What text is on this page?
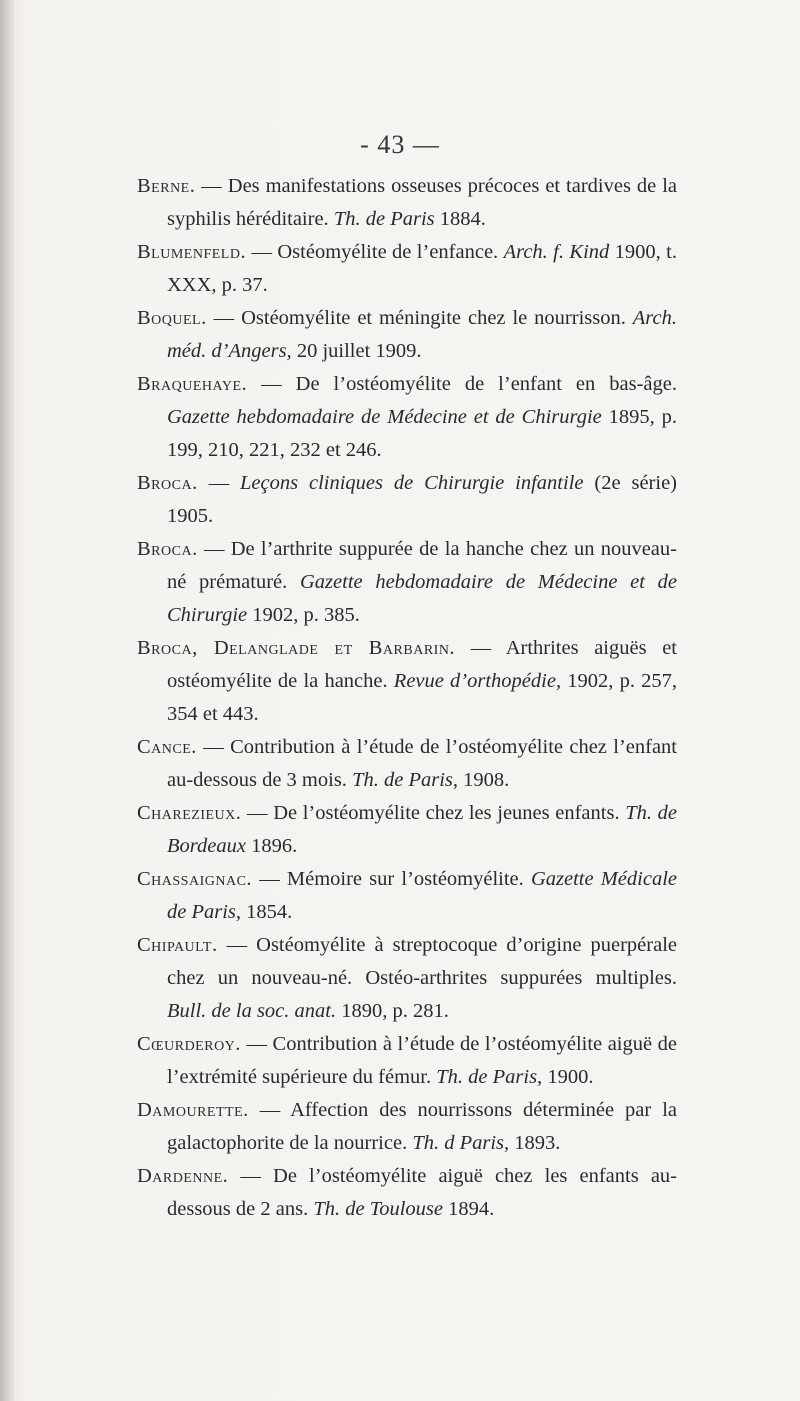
- 43 —

Berne. — Des manifestations osseuses précoces et tardives de la syphilis héréditaire. Th. de Paris 1884.

Blumenfeld. — Ostéomyélite de l’enfance. Arch. f. Kind 1900, t. XXX, p. 37.

Boquel. — Ostéomyélite et méningite chez le nourrisson. Arch. méd. d’Angers, 20 juillet 1909.

Braquehaye. — De l’ostéomyélite de l’enfant en bas-âge. Gazette hebdomadaire de Médecine et de Chirurgie 1895, p. 199, 210, 221, 232 et 246.

Broca. — Leçons cliniques de Chirurgie infantile (2e série) 1905.

Broca. — De l’arthrite suppurée de la hanche chez un nouveau-né prématuré. Gazette hebdomadaire de Médecine et de Chirurgie 1902, p. 385.

Broca, Delanglade et Barbarin. — Arthrites aiguës et ostéomyélite de la hanche. Revue d’orthopédie, 1902, p. 257, 354 et 443.

Cance. — Contribution à l’étude de l’ostéomyélite chez l’enfant au-dessous de 3 mois. Th. de Paris, 1908.

Charezieux. — De l’ostéomyélite chez les jeunes enfants. Th. de Bordeaux 1896.

Chassaignac. — Mémoire sur l’ostéomyélite. Gazette Médicale de Paris, 1854.

Chipault. — Ostéomyélite à streptocoque d’origine puerpérale chez un nouveau-né. Ostéo-arthrites suppurées multiples. Bull. de la soc. anat. 1890, p. 281.

Cœurderoy. — Contribution à l’étude de l’ostéomyélite aiguë de l’extrémité supérieure du fémur. Th. de Paris, 1900.

Damourette. — Affection des nourrissons déterminée par la galactophorite de la nourrice. Th. d Paris, 1893.

Dardenne. — De l’ostéomyélite aiguë chez les enfants au-dessous de 2 ans. Th. de Toulouse 1894.
